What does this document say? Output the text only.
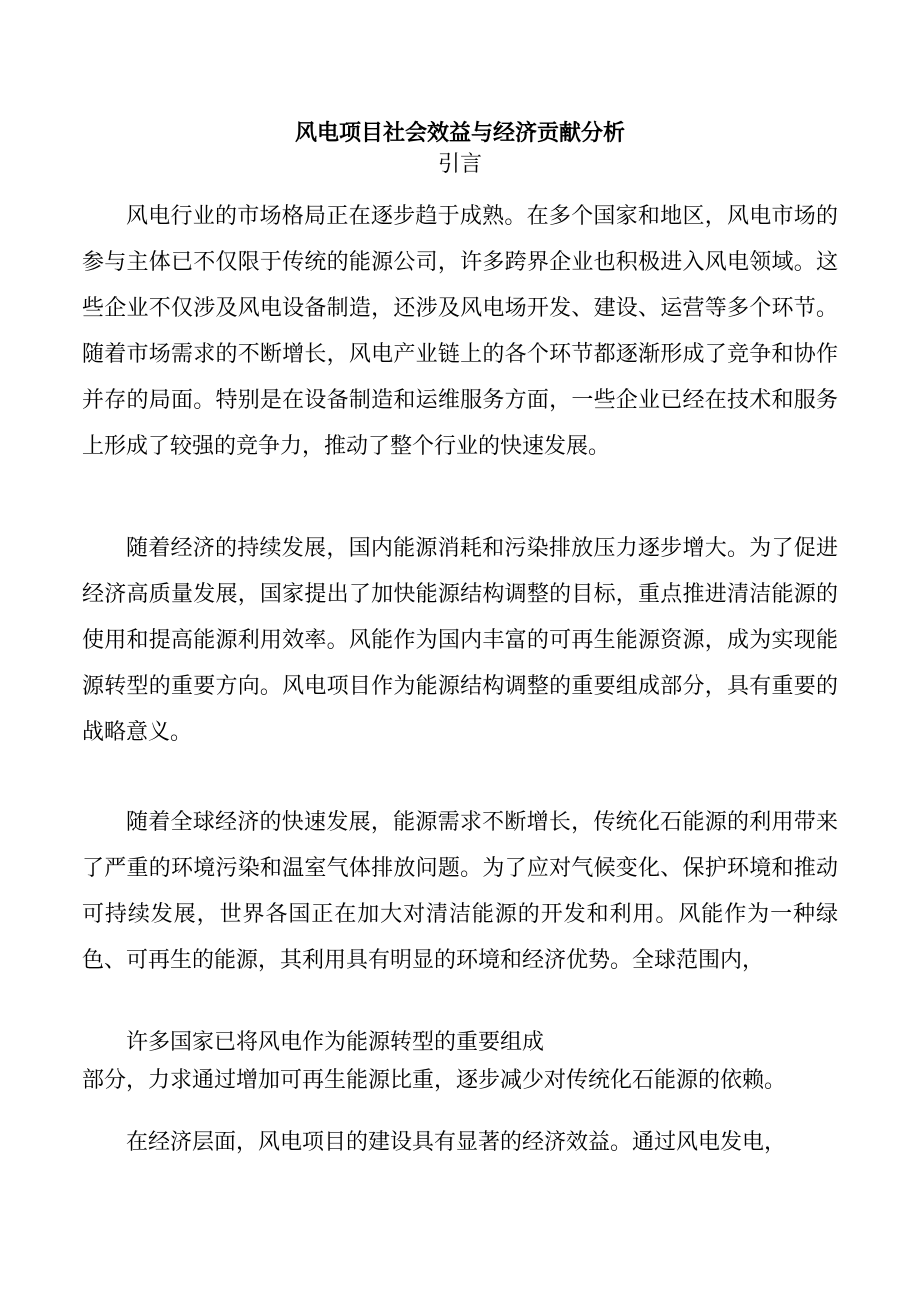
风电项目社会效益与经济贡献分析
引言

风电行业的市场格局正在逐步趋于成熟。在多个国家和地区，风电市场的参与主体已不仅限于传统的能源公司，许多跨界企业也积极进入风电领域。这些企业不仅涉及风电设备制造，还涉及风电场开发、建设、运营等多个环节。随着市场需求的不断增长，风电产业链上的各个环节都逐渐形成了竞争和协作并存的局面。特别是在设备制造和运维服务方面，一些企业已经在技术和服务上形成了较强的竞争力，推动了整个行业的快速发展。

随着经济的持续发展，国内能源消耗和污染排放压力逐步增大。为了促进经济高质量发展，国家提出了加快能源结构调整的目标，重点推进清洁能源的使用和提高能源利用效率。风能作为国内丰富的可再生能源资源，成为实现能源转型的重要方向。风电项目作为能源结构调整的重要组成部分，具有重要的战略意义。

随着全球经济的快速发展，能源需求不断增长，传统化石能源的利用带来了严重的环境污染和温室气体排放问题。为了应对气候变化、保护环境和推动可持续发展，世界各国正在加大对清洁能源的开发和利用。风能作为一种绿色、可再生的能源，其利用具有明显的环境和经济优势。全球范围内，

许多国家已将风电作为能源转型的重要组成

部分，力求通过增加可再生能源比重，逐步减少对传统化石能源的依赖。

在经济层面，风电项目的建设具有显著的经济效益。通过风电发电，
